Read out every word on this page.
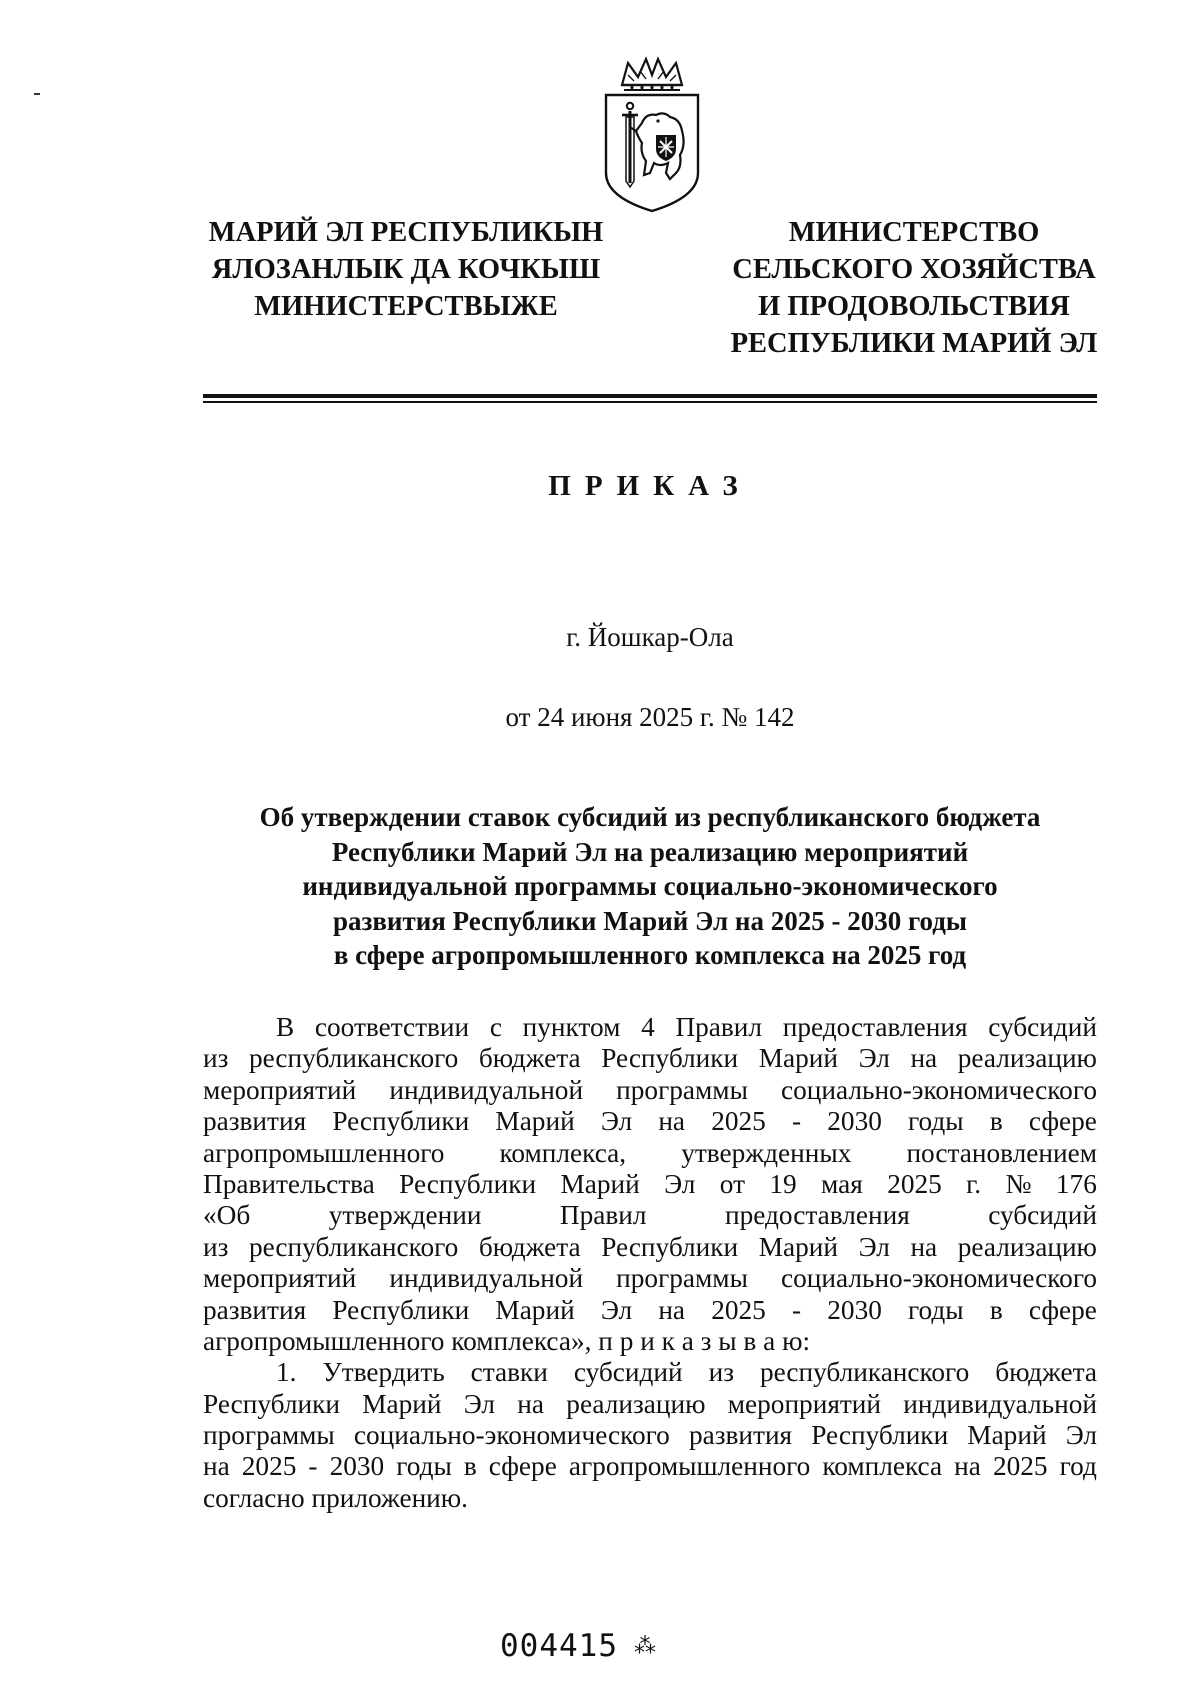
МАРИЙ ЭЛ РЕСПУБЛИКЫН
ЯЛОЗАНЛЫК ДА КОЧКЫШ
МИНИСТЕРСТВЫЖЕ
МИНИСТЕРСТВО
СЕЛЬСКОГО ХОЗЯЙСТВА
И ПРОДОВОЛЬСТВИЯ
РЕСПУБЛИКИ МАРИЙ ЭЛ
ПРИКАЗ
г. Йошкар-Ола
от 24 июня 2025 г. № 142
Об утверждении ставок субсидий из республиканского бюджета
Республики Марий Эл на реализацию мероприятий
индивидуальной программы социально-экономического
развития Республики Марий Эл на 2025 - 2030 годы
в сфере агропромышленного комплекса на 2025 год
В соответствии с пунктом 4 Правил предоставления субсидий
из республиканского бюджета Республики Марий Эл на реализацию
мероприятий индивидуальной программы социально-экономического
развития Республики Марий Эл на 2025 - 2030 годы в сфере
агропромышленного комплекса, утвержденных постановлением
Правительства Республики Марий Эл от 19 мая 2025 г. № 176
«Об	утверждении	Правил	предоставления	субсидий
из республиканского бюджета Республики Марий Эл на реализацию
мероприятий индивидуальной программы социально-экономического
развития Республики Марий Эл на 2025 - 2030 годы в сфере
агропромышленного комплекса», п р и к а з ы в а ю:
1. Утвердить ставки субсидий из республиканского бюджета
Республики Марий Эл на реализацию мероприятий индивидуальной
программы социально-экономического развития Республики Марий Эл
на 2025 - 2030 годы в сфере агропромышленного комплекса на 2025 год
согласно приложению.
004415 ⁂
